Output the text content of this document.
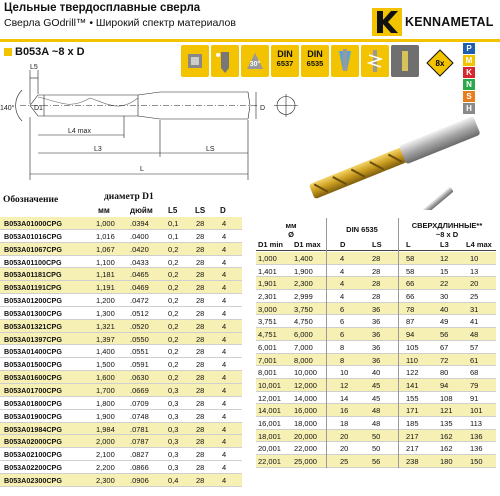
Цельные твердосплавные сверла
Сверла GOdrill™ • Широкий спектр материалов	KENNAMETAL
B053A ~8 x D
30°
DIN
6537
DIN
6535	8x
P
M
K
N
S
H
L5
140°	D1	D
L4 max
L3	LS
L
Обозначение	диаметр D1
мм	дюйм L5 LS D
B053A01000CPG	1,000 .0394	0,1 28 4
B053A01016CPG	1,016 .0400	0,1 28 4
B053A01067CPG	1,067 .0420	0,2 28 4
B053A01100CPG	1,100 .0433	0,2 28 4
B053A01181CPG	1,181 .0465	0,2 28 4
B053A01191CPG	1,191 .0469	0,2 28 4
B053A01200CPG	1,200 .0472	0,2 28 4
B053A01300CPG	1,300 .0512	0,2 28 4
B053A01321CPG	1,321 .0520	0,2 28 4
B053A01397CPG	1,397 .0550	0,2 28 4
B053A01400CPG	1,400 .0551	0,2 28 4
B053A01500CPG	1,500 .0591	0,2 28 4
B053A01600CPG	1,600 .0630	0,2 28 4
B053A01700CPG	1,700 .0669	0,3 28 4
B053A01800CPG	1,800 .0709	0,3 28 4
B053A01900CPG	1,900 .0748	0,3 28 4
B053A01984CPG	1,984 .0781	0,3 28 4
B053A02000CPG	2,000 .0787	0,3 28 4
B053A02100CPG	2,100 .0827	0,3 28 4
B053A02200CPG	2,200 .0866	0,3 28 4
B053A02300CPG	2,300 .0906	0,4 28 4
мм
Ø
DIN 6535	СВЕРХДЛИННЫЕ**
~8 x D
D1 min D1 max	D	LS	L	L3 L4 max
1,000 1,400	4	28	58	12	10
1,401 1,900	4	28	58	15	13
1,901 2,300	4	28	66	22	20
2,301 2,999	4	28	66	30	25
3,000 3,750	6	36	78	40	31
3,751 4,750	6	36	87	49	41
4,751 6,000	6	36	94	56	48
6,001 7,000	8	36	105	67	57
7,001 8,000	8	36	110	72	61
8,001 10,000	10	40	122	80	68
10,001 12,000	12	45	141	94	79
12,001 14,000	14	45	155	108 91
14,001 16,000	16	48	171	121 101
16,001 18,000	18	48	185	135 113
18,001 20,000	20	50	217	162 136
20,001 22,000	20	50	217	162 136
22,001 25,000	25	56	238	180 150
